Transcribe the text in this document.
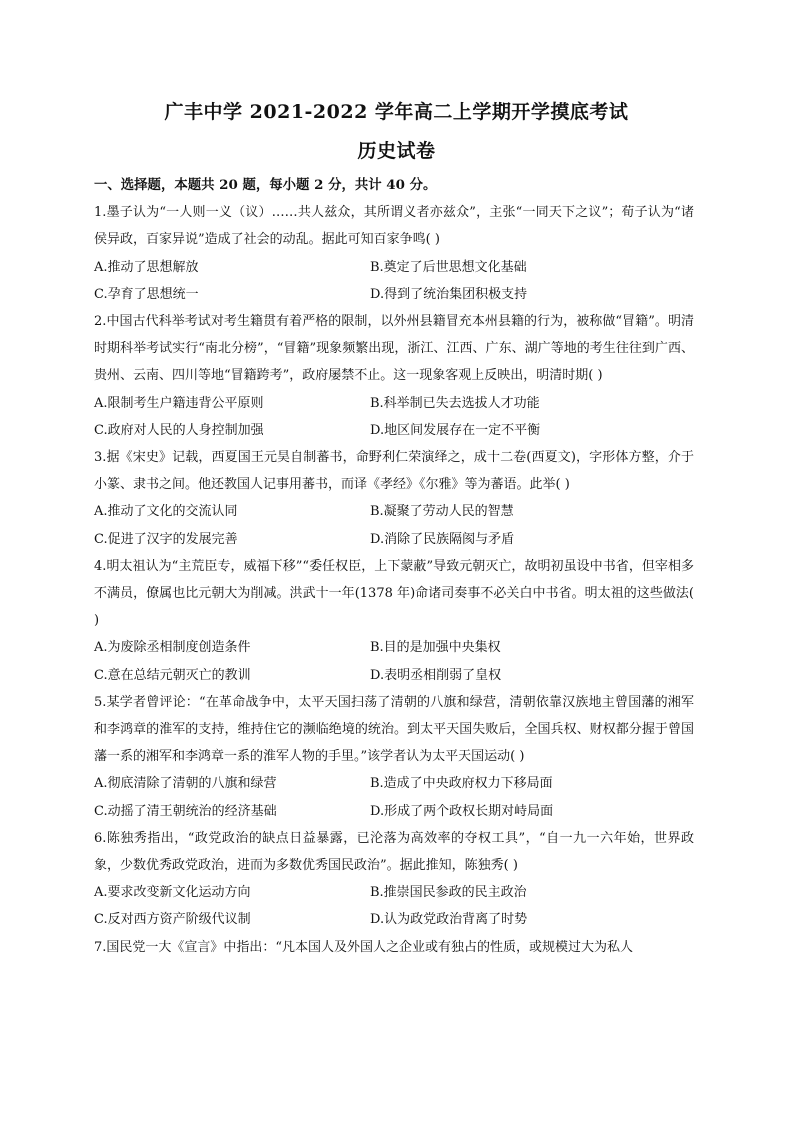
广丰中学 2021-2022 学年高二上学期开学摸底考试
历史试卷
一、选择题，本题共 20 题，每小题 2 分，共计 40 分。
1.墨子认为“一人则一义（议）……共人兹众，其所谓义者亦兹众”，主张“一同天下之议”；荀子认为“诸侯异政，百家异说”造成了社会的动乱。据此可知百家争鸣( )
A.推动了思想解放	B.奠定了后世思想文化基础
C.孕育了思想统一	D.得到了统治集团积极支持
2.中国古代科举考试对考生籍贯有着严格的限制，以外州县籍冒充本州县籍的行为，被称做“冒籍”。明清时期科举考试实行“南北分榜”，“冒籍”现象频繁出现，浙江、江西、广东、湖广等地的考生往往到广西、贵州、云南、四川等地“冒籍跨考”，政府屡禁不止。这一现象客观上反映出，明清时期( )
A.限制考生户籍违背公平原则	B.科举制已失去选拔人才功能
C.政府对人民的人身控制加强	D.地区间发展存在一定不平衡
3.据《宋史》记载，西夏国王元昊自制蕃书，命野利仁荣演绎之，成十二卷(西夏文)，字形体方整，介于小篆、隶书之间。他还教国人记事用蕃书，而译《孝经》《尔雅》等为蕃语。此举( )
A.推动了文化的交流认同	B.凝聚了劳动人民的智慧
C.促进了汉字的发展完善	D.消除了民族隔阂与矛盾
4.明太祖认为“主荒臣专，威福下移”“委任权臣，上下蒙蔽”导致元朝灭亡，故明初虽设中书省，但宰相多不满员，僚属也比元朝大为削减。洪武十一年(1378 年)命诸司奏事不必关白中书省。明太祖的这些做法( )
A.为废除丞相制度创造条件	B.目的是加强中央集权
C.意在总结元朝灭亡的教训	D.表明丞相削弱了皇权
5.某学者曾评论：“在革命战争中，太平天国扫荡了清朝的八旗和绿营，清朝依靠汉族地主曾国藩的湘军和李鸿章的淮军的支持，维持住它的濒临绝境的统治。到太平天国失败后，全国兵权、财权都分握于曾国藩一系的湘军和李鸿章一系的淮军人物的手里。”该学者认为太平天国运动( )
A.彻底清除了清朝的八旗和绿营	B.造成了中央政府权力下移局面
C.动摇了清王朝统治的经济基础	D.形成了两个政权长期对峙局面
6.陈独秀指出，“政党政治的缺点日益暴露，已沦落为高效率的夺权工具”，“自一九一六年始，世界政象，少数优秀政党政治，进而为多数优秀国民政治”。据此推知，陈独秀( )
A.要求改变新文化运动方向	B.推崇国民参政的民主政治
C.反对西方资产阶级代议制	D.认为政党政治背离了时势
7.国民党一大《宣言》中指出：“凡本国人及外国人之企业或有独占的性质，或规模过大为私人
